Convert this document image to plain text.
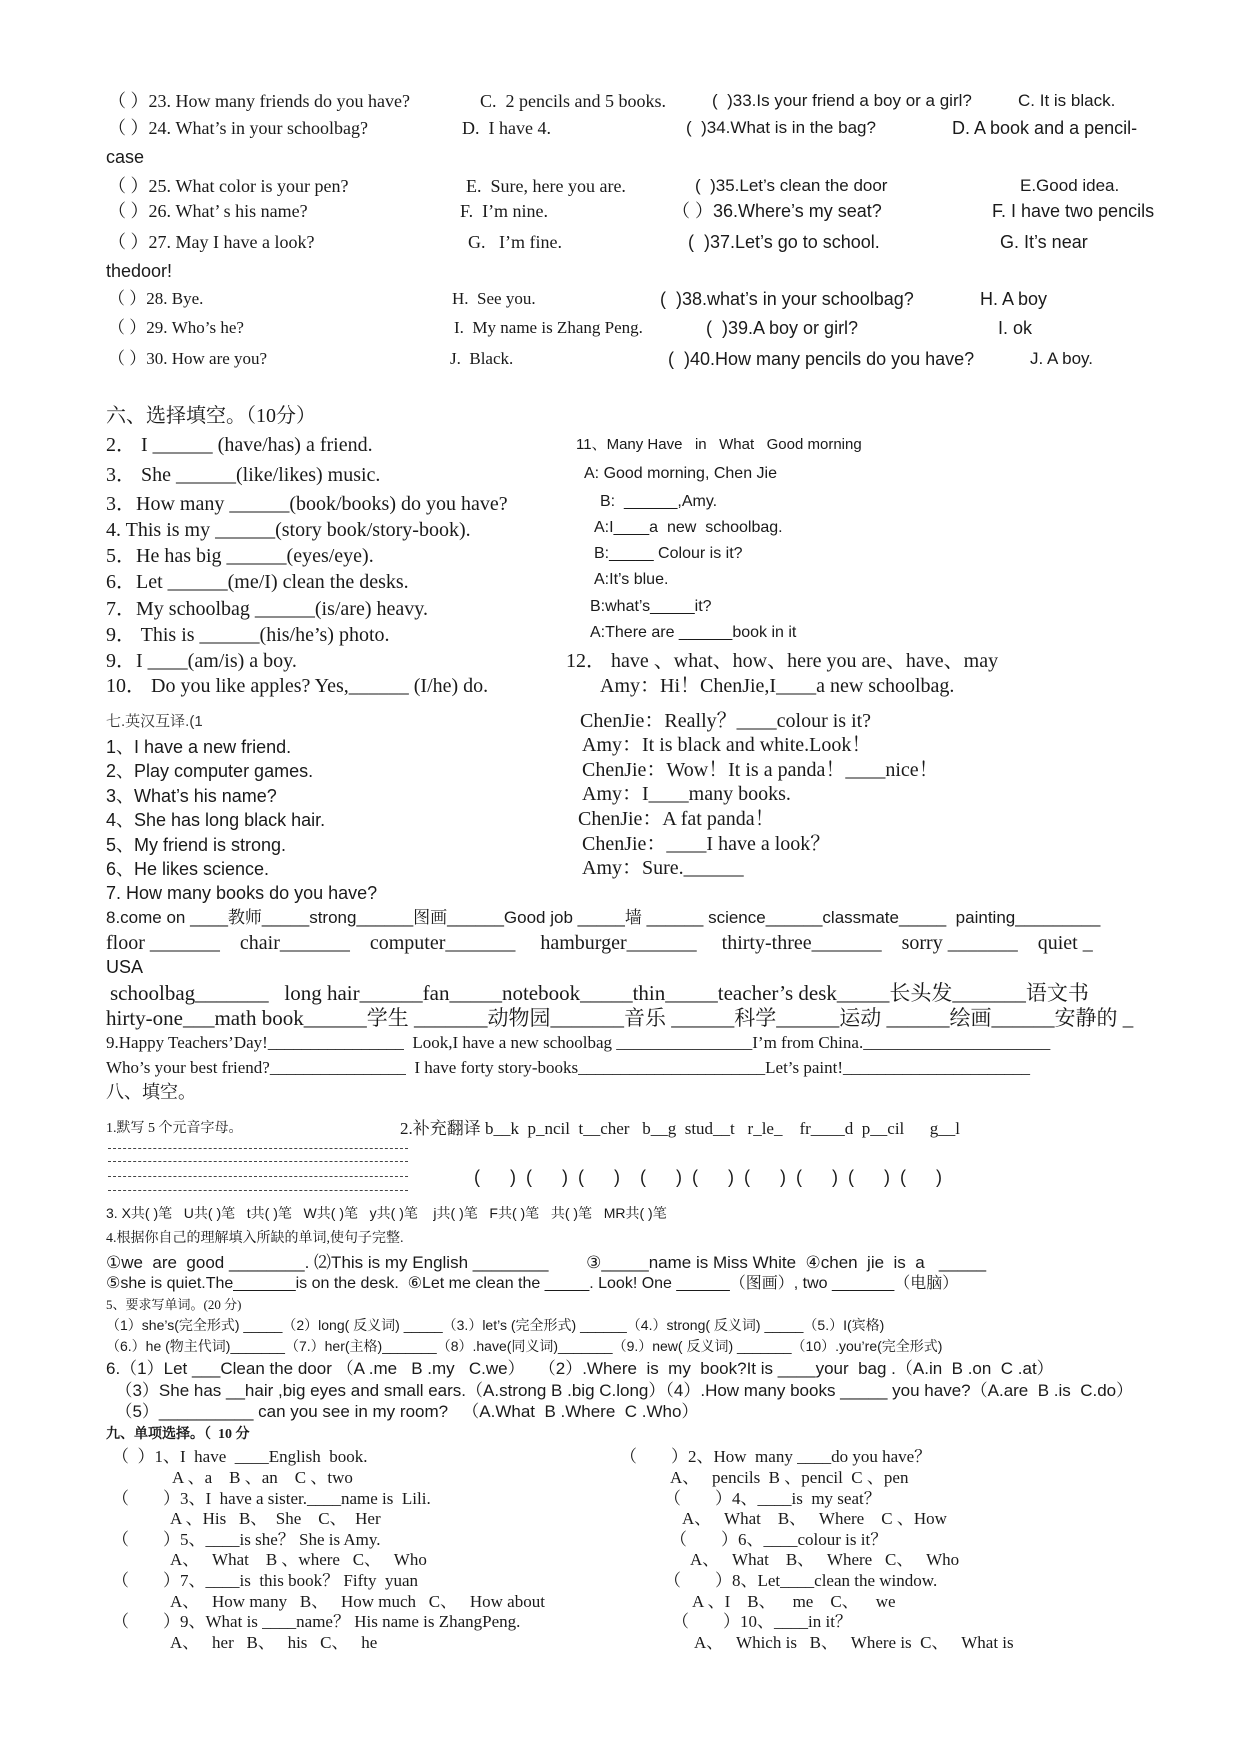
（ ）23. How many friends do you have?	C.  2 pencils and 5 books.	(  )33.Is your friend a boy or a girl?	C. It is black.
（ ）24. What’s in your schoolbag?	D.  I have 4.	(  )34.What is in the bag?	D. A book and a pencil-
case
（ ）25. What color is your pen?	E.  Sure, here you are.	(  )35.Let’s clean the door	E.Good idea.
（ ）26. What’ s his name?	F.  I’m nine.	（ ）36.Where’s my seat?	F. I have two pencils
（ ）27. May I have a look?	G.   I’m fine.	(  )37.Let’s go to school.	G. It’s near
thedoor!
（ ）28. Bye.	H.  See you.	(  )38.what’s in your schoolbag?	H. A boy
（ ）29. Who’s he?	I.  My name is Zhang Peng.	(  )39.A boy or girl?	I. ok
（ ）30. How are you?	J.  Black.	(  )40.How many pencils do you have?	J. A boy.
六、选择填空。（10分）
2． I ______ (have/has) a friend.
3． She ______(like/likes) music.
3．How many ______(book/books) do you have?
4. This is my ______(story book/story-book).
5．He has big ______(eyes/eye).
6．Let ______(me/I) clean the desks.
7．My schoolbag ______(is/are) heavy.
9． This is ______(his/he’s) photo.
9．I ____(am/is) a boy.
10． Do you like apples? Yes,______ (I/he) do.
11、Many Have   in   What   Good morning
A: Good morning, Chen Jie
B:  ______,Amy.
A:I____a  new  schoolbag.
B:_____ Colour is it?
A:It’s blue.
B:what’s_____it?
A:There are ______book in it
12． have 、what、how、here you are、have、may
Amy：Hi！ChenJie,I____a new schoolbag.
ChenJie：Really？____colour is it?
Amy：It is black and white.Look！
ChenJie：Wow！It is a panda！____nice！
Amy：I____many books.
ChenJie：A fat panda！
ChenJie：____I have a look？
Amy：Sure.______
七.英汉互译.(1
1、I have a new friend.
2、Play computer games.
3、What’s his name?
4、She has long black hair.
5、My friend is strong.
6、He likes science.
7. How many books do you have?
8.come on ____教师_____strong______图画______Good job _____墙 ______ science______classmate_____  painting_________
floor _______    chair_______    computer_______     hamburger_______     thirty-three_______    sorry _______    quiet _
USA
schoolbag_______   long hair______fan_____notebook_____thin_____teacher’s desk_____长头发_______语文书
hirty-one___math book______学生 _______动物园_______音乐 ______科学______运动 ______绘画______安静的 _
9.Happy Teachers’Day!________________  Look,I have a new schoolbag ________________I’m from China.______________________
Who’s your best friend?________________  I have forty story-books______________________Let’s paint!______________________
八、填空。
1.默写 5 个元音字母。	2.补充翻译 b__k  p_ncil  t__cher   b__g  stud__t   r_le_    fr____d  p__cil      g__l
(      )  (      )  (      )    (      )  (      )  (      )  (      )  (      )  (      )
3. X共( )笔   U共( )笔   t共( )笔   W共( )笔   y共( )笔    j共( )笔   F共( )笔   共( )笔   MR共( )笔
4.根据你自己的理解填入所缺的单词,使句子完整.
①we  are  good ________. ⑵This is my English ________        ③_____name is Miss White  ④chen  jie  is  a   _____
⑤she is quiet.The_______is on the desk.  ⑥Let me clean the _____. Look! One ______（图画）, two _______（电脑）
5、要求写单词。(20 分)
（1）she’s(完全形式) _____（2）long( 反义词) _____（3.）let’s (完全形式) ______（4.）strong( 反义词) _____（5.）I(宾格)
（6.）he (物主代词)_______（7.）her(主格)_______（8）.have(同义词)_______（9.）new( 反义词) _______（10）.you’re(完全形式)
6.（1）Let ___Clean the door （A .me   B .my   C.we）   （2）.Where  is  my  book?It is ____your  bag .（A.in  B .on  C .at）
（3）She has __hair ,big eyes and small ears.（A.strong B .big C.long）（4）.How many books _____ you have?（A.are  B .is  C.do）
（5）__________ can you see in my room?   （A.What  B .Where  C .Who）
九、单项选择。（  10 分
（  ）1、I  have  ____English  book.
A 、a    B 、an    C 、two
（        ）3、I  have a sister.____name is  Lili.
A 、His   B、  She    C、  Her
（        ）5、____is she？ She is Amy.
A、   What    B 、where   C、   Who
（        ）7、____is  this book？ Fifty  yuan
A、   How many   B、   How much   C、   How about
（        ）9、What is ____name？ His name is ZhangPeng.
A、   her   B、   his   C、   he
（        ）2、How  many ____do you have？
A、   pencils  B 、pencil  C 、pen
（        ）4、____is  my seat？
A、   What    B、   Where    C 、How
（        ）6、____colour is it？
A、   What    B、   Where   C、   Who
（        ）8、Let____clean the window.
A 、I    B、    me    C、    we
（        ）10、____in it？
A、   Which is   B、   Where is  C、   What is
